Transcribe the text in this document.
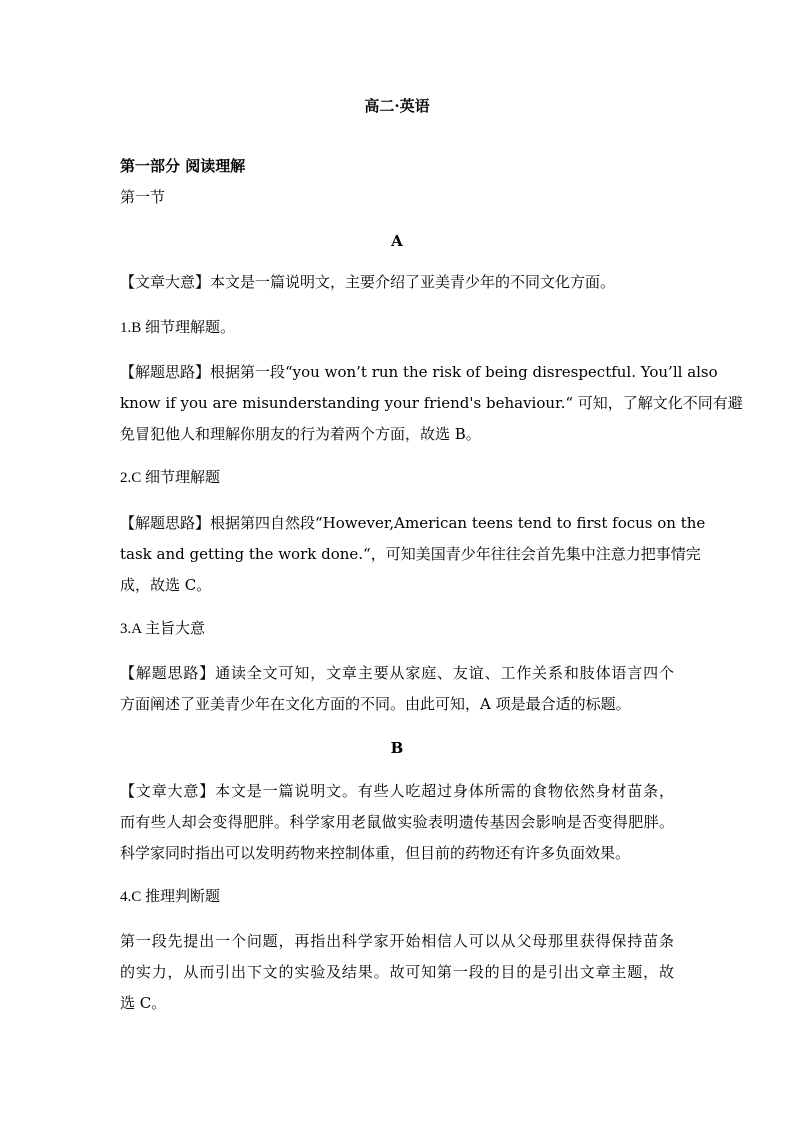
高二·英语
第一部分 阅读理解
第一节
A
【文章大意】本文是一篇说明文，主要介绍了亚美青少年的不同文化方面。
1.B 细节理解题。
【解题思路】根据第一段“you won’t run the risk of being disrespectful. You’ll also
know if you are misunderstanding your friend's behaviour.“ 可知，了解文化不同有避
免冒犯他人和理解你朋友的行为着两个方面，故选 B。
2.C 细节理解题
【解题思路】根据第四自然段“However,American teens tend to first focus on the
task and getting the work done.“，可知美国青少年往往会首先集中注意力把事情完
成，故选 C。
3.A 主旨大意
【解题思路】通读全文可知，文章主要从家庭、友谊、工作关系和肢体语言四个
方面阐述了亚美青少年在文化方面的不同。由此可知，A 项是最合适的标题。
B
【文章大意】本文是一篇说明文。有些人吃超过身体所需的食物依然身材苗条，
而有些人却会变得肥胖。科学家用老鼠做实验表明遗传基因会影响是否变得肥胖。
科学家同时指出可以发明药物来控制体重，但目前的药物还有许多负面效果。
4.C 推理判断题
第一段先提出一个问题，再指出科学家开始相信人可以从父母那里获得保持苗条
的实力，从而引出下文的实验及结果。故可知第一段的目的是引出文章主题，故
选 C。
